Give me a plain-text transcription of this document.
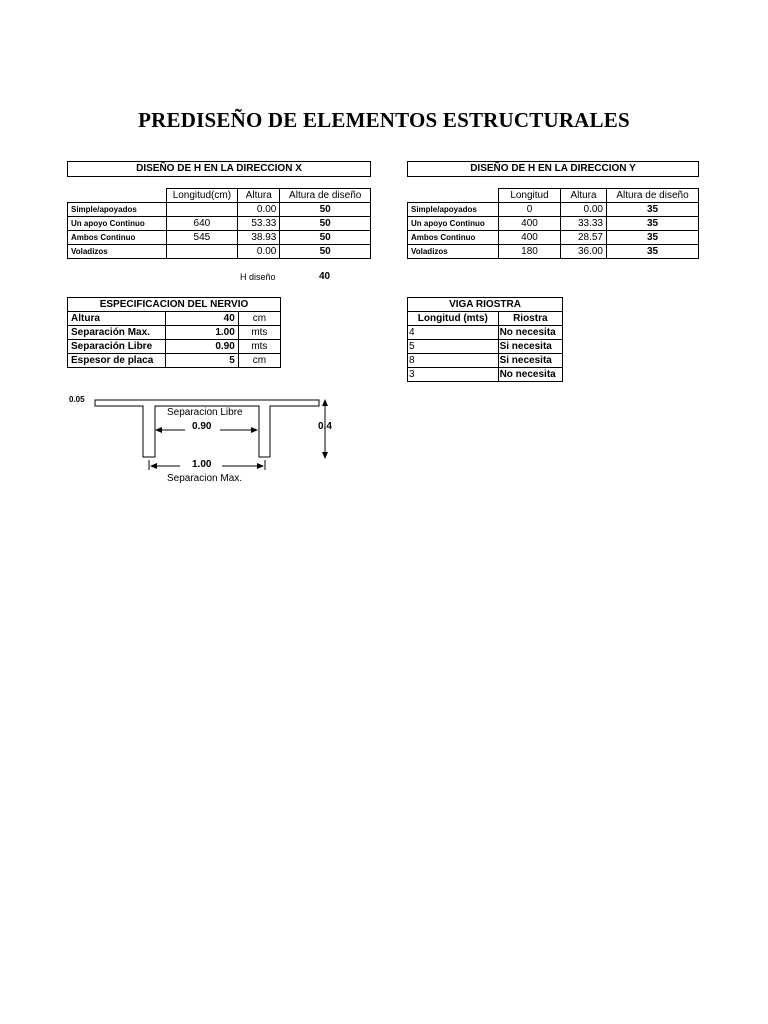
PREDISEÑO DE ELEMENTOS ESTRUCTURALES
DISEÑO DE H EN LA DIRECCION X
	Longitud(cm)	Altura	Altura de diseño
Simple/apoyados		0.00	50
Un apoyo Continuo	640	53.33	50
Ambos Continuo	545	38.93	50
Voladizos		0.00	50
DISEÑO DE H EN LA DIRECCION Y
	Longitud	Altura	Altura de diseño
Simple/apoyados	0	0.00	35
Un apoyo Continuo	400	33.33	35
Ambos Continuo	400	28.57	35
Voladizos	180	36.00	35
H diseño	40
ESPECIFICACION DEL NERVIO		
Altura	40	cm
Separación Max.	1.00	mts
Separación Libre	0.90	mts
Espesor de placa	5	cm
VIGA RIOSTRA	
Longitud (mts)	Riostra
4	No necesita
5	Si necesita
8	Si necesita
3	No necesita
0.05
0.4
Separacion Libre
0.90
1.00
Separacion Max.
